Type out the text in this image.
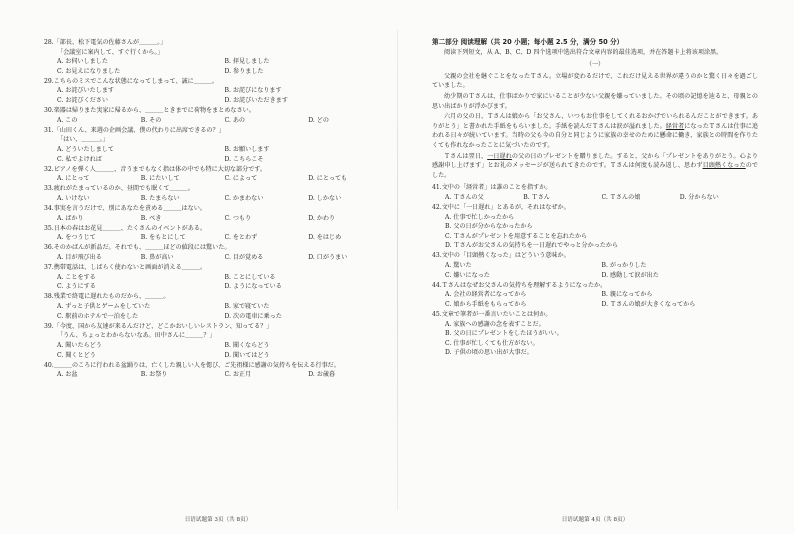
28.「部長、松下電気の佐藤さんが＿＿＿。」
「会議室に案内して、すぐ行くから。」
A. お伺いしました	B. 拝見しました
C. お見えになりました	D. 参りました
29.こちらのミスでこんな状態になってしまって、誠に＿＿＿。
A. お詫びいたします	B. お詫びになります
C. お詫びください	D. お詫びいただきます
30.楽器は帰りまた実家に帰るから、＿＿＿ときまでに荷物をまとめなさい。
A. この	B. その	C. あの	D. どの
31.「山田くん、来週の企画会議、僕の代わりに出席できるの？」
「はい、＿＿＿。」
A. どういたしまして	B. お願いします
C. 私でよければ	D. こちらこそ
32.ピアノを弾く人＿＿＿、音うまでもなく指は体の中でも特に大切な部分です。
A. にとって	B. にたいして	C. によって	D. にとっても
33.疲れがたまっているのか、昼間でも眠くて＿＿＿。
A. いけない	B. たまらない	C. かまわない	D. しかない
34.事実を言うだけで、別にあなたを責める＿＿＿はない。
A. ばかり	B. べき	C. つもり	D. かわり
35.日本の春はお花見＿＿＿、たくさんのイベントがある。
A. をつうじて	B. をもとにして	C. をとわず	D. をはじめ
36.そのかばんが新品だ。それでも、＿＿＿ほどの値段には驚いた。
A. 目が飛び出る	B. 鼻が高い	C. 目が覚める	D. 口がうまい
37.携帯電話は、しばらく使わないと画面が消える＿＿＿。
A. ことをする	B. ことにしている
C. ようにする	D. ようになっている
38.残業で終電に遅れたものだから、＿＿＿。
A. ずっと子供とゲームをしていた	B. 家で寝ていた
C. 駅前のホテルで一泊をした	D. 次の電車に乗った
39.「今度、国から友達が来るんだけど、どこかおいしいレストラン、知ってる？」
「うん、ちょっとわからないなあ。田中さんに＿＿＿？」
A. 聞いたらどう	B. 聞くならどう
C. 聞くとどう	D. 聞いてはどう
40.＿＿＿のころに行われる盆踊りは、亡くした親しい人を偲び、ご先祖様に感謝の気持ちを伝える行事だ。
A. お盆	B. お祭り	C. お正月	D. お歳暮
日语试题第 3页（共 8页）
第二部分 阅读理解（共 20 小题；每小题 2.5 分，满分 50 分）

阅读下列短文，从 A、B、C、D 四个选项中选出符合文章内容的最佳选项，并在答题卡上将该项涂黑。

（一）
父親の会社を継ぐことをなったＴさん。立場が変わるだけで、これだけ見える世界が違うのかと驚く日々を過ごしていました。
幼少期のＴさんは、仕事ばかりで家にいることが少ない父親を嫌っていました。その頃の記憶を辿ると、母親との思い出ばかりが浮かびます。
六月の父の日、Ｔさんは娘から「お父さん、いつもお仕事をしてくれるおかげでいられるんだことができます。ありがとう」と書かれた手紙をもらいました。手紙を読んだＴさんは涙が溢れました。経営者になったＴさんは仕事に追われる日々が続いています。当時の父も今の自分と同じように家族の幸せのために懸命に働き、家族との時間を作りたくても作れなかったことに気づいたのです。
Ｔさんは翌日、一日遅れの父の日のプレゼントを贈りました。すると、父から「プレゼントをありがとう。心より感謝申し上げます」とお礼のメッセージが送られてきたのです。Ｔさんは何度も読み返し、思わず目頭熱くなったのでした。
41.文中の「経営者」は誰のことを指すか。
A. Ｔさんの父	B. Ｔさん	C. Ｔさんの娘	D. 分からない
42.文中に「一日遅れ」とあるが、それはなぜか。
A. 仕事で忙しかったから
B. 父の日が分からなかったから
C. Ｔさんがプレゼントを用意することを忘れたから
D. Ｔさんがお父さんの気持ちを一日遅れでやっと分かったから
43.文中の「目頭熱くなった」はどういう意味か。
A. 驚いた	B. がっかりした
C. 嫌いになった	D. 感動して涙が出た
44.Ｔさんはなぜお父さんの気持ちを理解するようになったか。
A. 会社の経営者になってから	B. 親になってから
C. 娘から手紙をもらってから	D. Ｔさんの娘が大きくなってから
45.文章で筆者が一番言いたいことは何か。
A. 家族への感謝の念を表すことだ。
B. 父の日にプレゼントをしたほうがいい。
C. 仕事が忙しくても仕方がない。
D. 子供の頃の思い出が大事だ。
日语试题第 4页（共 8页）
